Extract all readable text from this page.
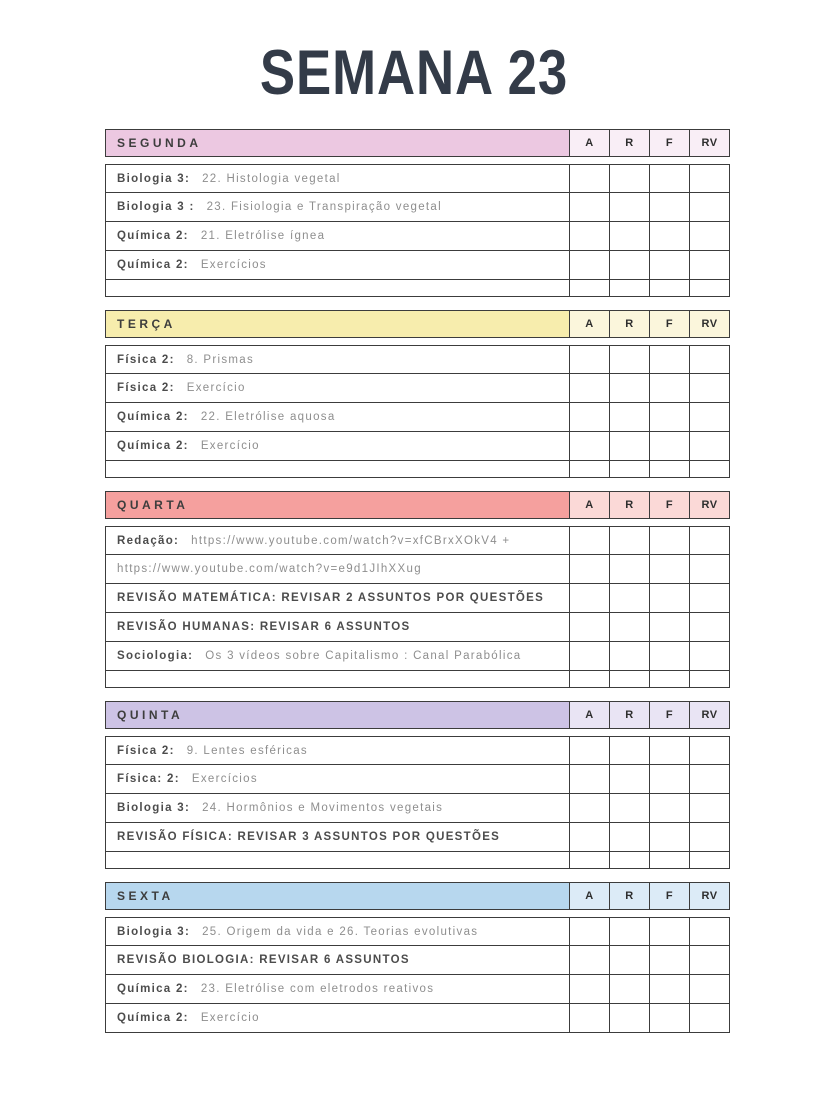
SEMANA 23
SEGUNDA	A	R	F	RV
Biologia 3: 22. Histologia vegetal
Biologia 3 : 23. Fisiologia e Transpiração vegetal
Química 2: 21. Eletrólise ígnea
Química 2: Exercícios
TERÇA	A	R	F	RV
Física 2: 8. Prismas
Física 2: Exercício
Química 2: 22. Eletrólise aquosa
Química 2: Exercício
QUARTA	A	R	F	RV
Redação: https://www.youtube.com/watch?v=xfCBrxXOkV4 +
https://www.youtube.com/watch?v=e9d1JIhXXug
REVISÃO MATEMÁTICA: REVISAR 2 ASSUNTOS POR QUESTÕES
REVISÃO HUMANAS: REVISAR 6 ASSUNTOS
Sociologia: Os 3 vídeos sobre Capitalismo : Canal Parabólica
QUINTA	A	R	F	RV
Física 2: 9. Lentes esféricas
Física: 2: Exercícios
Biologia 3: 24. Hormônios e Movimentos vegetais
REVISÃO FÍSICA: REVISAR 3 ASSUNTOS POR QUESTÕES
SEXTA	A	R	F	RV
Biologia 3: 25. Origem da vida e 26. Teorias evolutivas
REVISÃO BIOLOGIA: REVISAR 6 ASSUNTOS
Química 2: 23. Eletrólise com eletrodos reativos
Química 2: Exercício
